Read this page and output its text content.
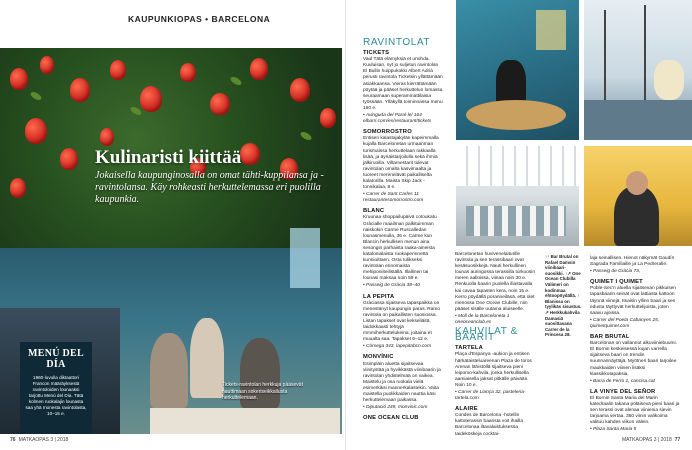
KAUPUNKIOPAS • BARCELONA
Kulinaristi kiittää
Jokaisella kaupunginosalla on omat tähti-kuppilansa ja -ravintolansa. Käy rohkeasti herkuttelemassa eri puolilla kaupunkia.
Tickets-ravintolan herkkuja pääsevät nauttimaan sokeriseikkailusta herkuttelemaan.
MENÚ DEL DÍA
1960-luvulla diktaattori Francon määräyksestä ravintoloiden lounaaksi tarjottu Menú del Día. Tätä kolmen ruokalajin lounasta saa yhä monesta ravintolasta, 10–15 e.
76 MATKAOPAS 3 | 2018
RAVINTOLAT
TICKETS

Vaul Tätä elämyksiä et unohda. Kuuluisan, nyt jo suljetun ravintolan El Bullin huippukokki Albert Adrià perusti ravintola Ticketsin yllättämään asiakkaansa. Vieras kierrättämään pöytää ja pääset herkuttelun lomassa seuraamaan superammattilaisia työssään. Ylläkyllä toiminnassa menu 160 e.

• Avinguda del Paral·lel 164 elbarri.com/en/restaurant/tickets

SOMORROSTRO

Entisen kalastajakylän kapeimmalla kujalla Barcelonetan urmaanman turismaissa herkuttelaan rakkaalla lisää, ja äyriäistarjoilulla sekä ihmiä jälkiruoilla. Viltamestarit tulevat ravintolan omalta kasvimaalta ja tuoreet merenelävät paikalliselta kalatorilla. Maista Skip Jack -tonnikalaa, 8 e.

• Carrer de Sant Carles 11 restaurantesomorrostro.com

BLANC

Kruunaa shoppailupäivä cotoukatu Gràcialle maailman palkituimman naiskokin Carme Ruscalledan lounasmenulla, 36 e. Carme kun Blancin herkullisen menun aina sesongin parhaista raaka-aineista katalonialaista ruokaperinnettä kunnioittaen. Osta tulikseksi ravintolan erinomaista mehiponiiteiliställä. Illallinen tai lounasi maksaa noin 59 e.

• Passeig de Gràcia 38–40

LA PEPITA

Gràciassa sijaitseva tapaspaikka on menestänyt kaupungin paras. Ramo ravintola on paikallisten suosiossa. Listan tapakset ovat kekseliäitä, taidokkaasti tehtyjä mmmiherkuttelukeina, joitaina et muualta saa. Tapakset 6–12 e.

• Còrsega 343, lapepitabcn.com

MONVÍNIC

Esimpläin aluetta sijaitsevaa viinitystää ja hyvikkästä viinibaarin ja ravintolan yhdistelmää on vaikea. Maistelu ja osa ruokala vielä esimerkiksi mannerkalastekin. Vaita maistella puolikkaiden nauttia käsi herkuttelemaan paikassa.

• Diputació 249, monvinic.com

ONE OCEAN CLUB

Barcelonetan huvivenelaiturille ravintola ja sen terassibaari ovat kesäsuosikkejä. Nauti herkullinen lounas auringossa terassilla turkoosin meren aalloissa, viinaa noin 30 e. Renkuolla baarin puolella illastavalla kai cavaa tapasten kera, noin 15 e. Kerro pöydällä poranneiläsä, että olet menossa One Ocean Clubille, niin pääset sisälle uutama aluiseelle.

• Moll de la Barceloneta 1 oneoceanclub.es

KAHVILAT & BAARIT
TARTELA

Plaça d'Espanya -aukion ja entisen härkätaisteluareenan Plaza de toros Arenan lähistöllä sijaitseva pieni leipomo-kahvila, jonka herkullisella aamiaisella jaksat pitkälle päivään. Noin 10 e.

• Carrer de Llança 32, pasteleria-tartela.com

ALAIRE

Condes de Barcelona -hotellin kattoterassin baarista voit ihailla Barcelonaa iltavalaistuksessa taideköskeja cocktai-

↑↑ Bar Brutal on Rafael Damsin viinibaari-suosikki. ↑↗ One Ocean Clubilla Välimeri on kodinmaa ehtoopöydällä. ↑ Blanissa on tyylikäs sisustus. ↗ Herkkukahvila Damasiä suosittavana Carrer de la Princesa 28.

laja seinallisen. Hienot näkymät Gaudín Sagrada Famíliaille ja La Pedreralle.

• Passeig de Gràcia 73,

QUIMET I QUIMET

Poble-Sec'n aluella sijaitsevan pikkuisen tapasbaarin seinät ovat lattiasta kattoon täynnä viinejä. Itsaisin yllinn baari ja sen edusta täyttyvät herkuttelijoista, joten saavu ajoissa.

• Carrer del Poeta Cabanyes 25, quimetquimet.com

BAR BRUTAL

Barcelonan on vallannut alkuviiniebuumi. El Bornin keskeisessä kujan varrella sijaitseva baari on trendin suunnannäyttäjä. Myötneri baari tarjoilee maukkaiden viinien lisäksi klassikkotapaksia.

• Barra de Ferro 1, cancisa.cat

LA VINYE DEL SEÑOR

El Bornin Santa Maria del Marin katedraalin takana pöläisevä pieni baari ja sen terassi ovat alenaa viinienia sievin tarjoama vertaa. 350 viinin valikoima valituu kahdes viikon välein.

• Plaza Santa Maria 5

MATKAOPAS 3 | 2018 77
